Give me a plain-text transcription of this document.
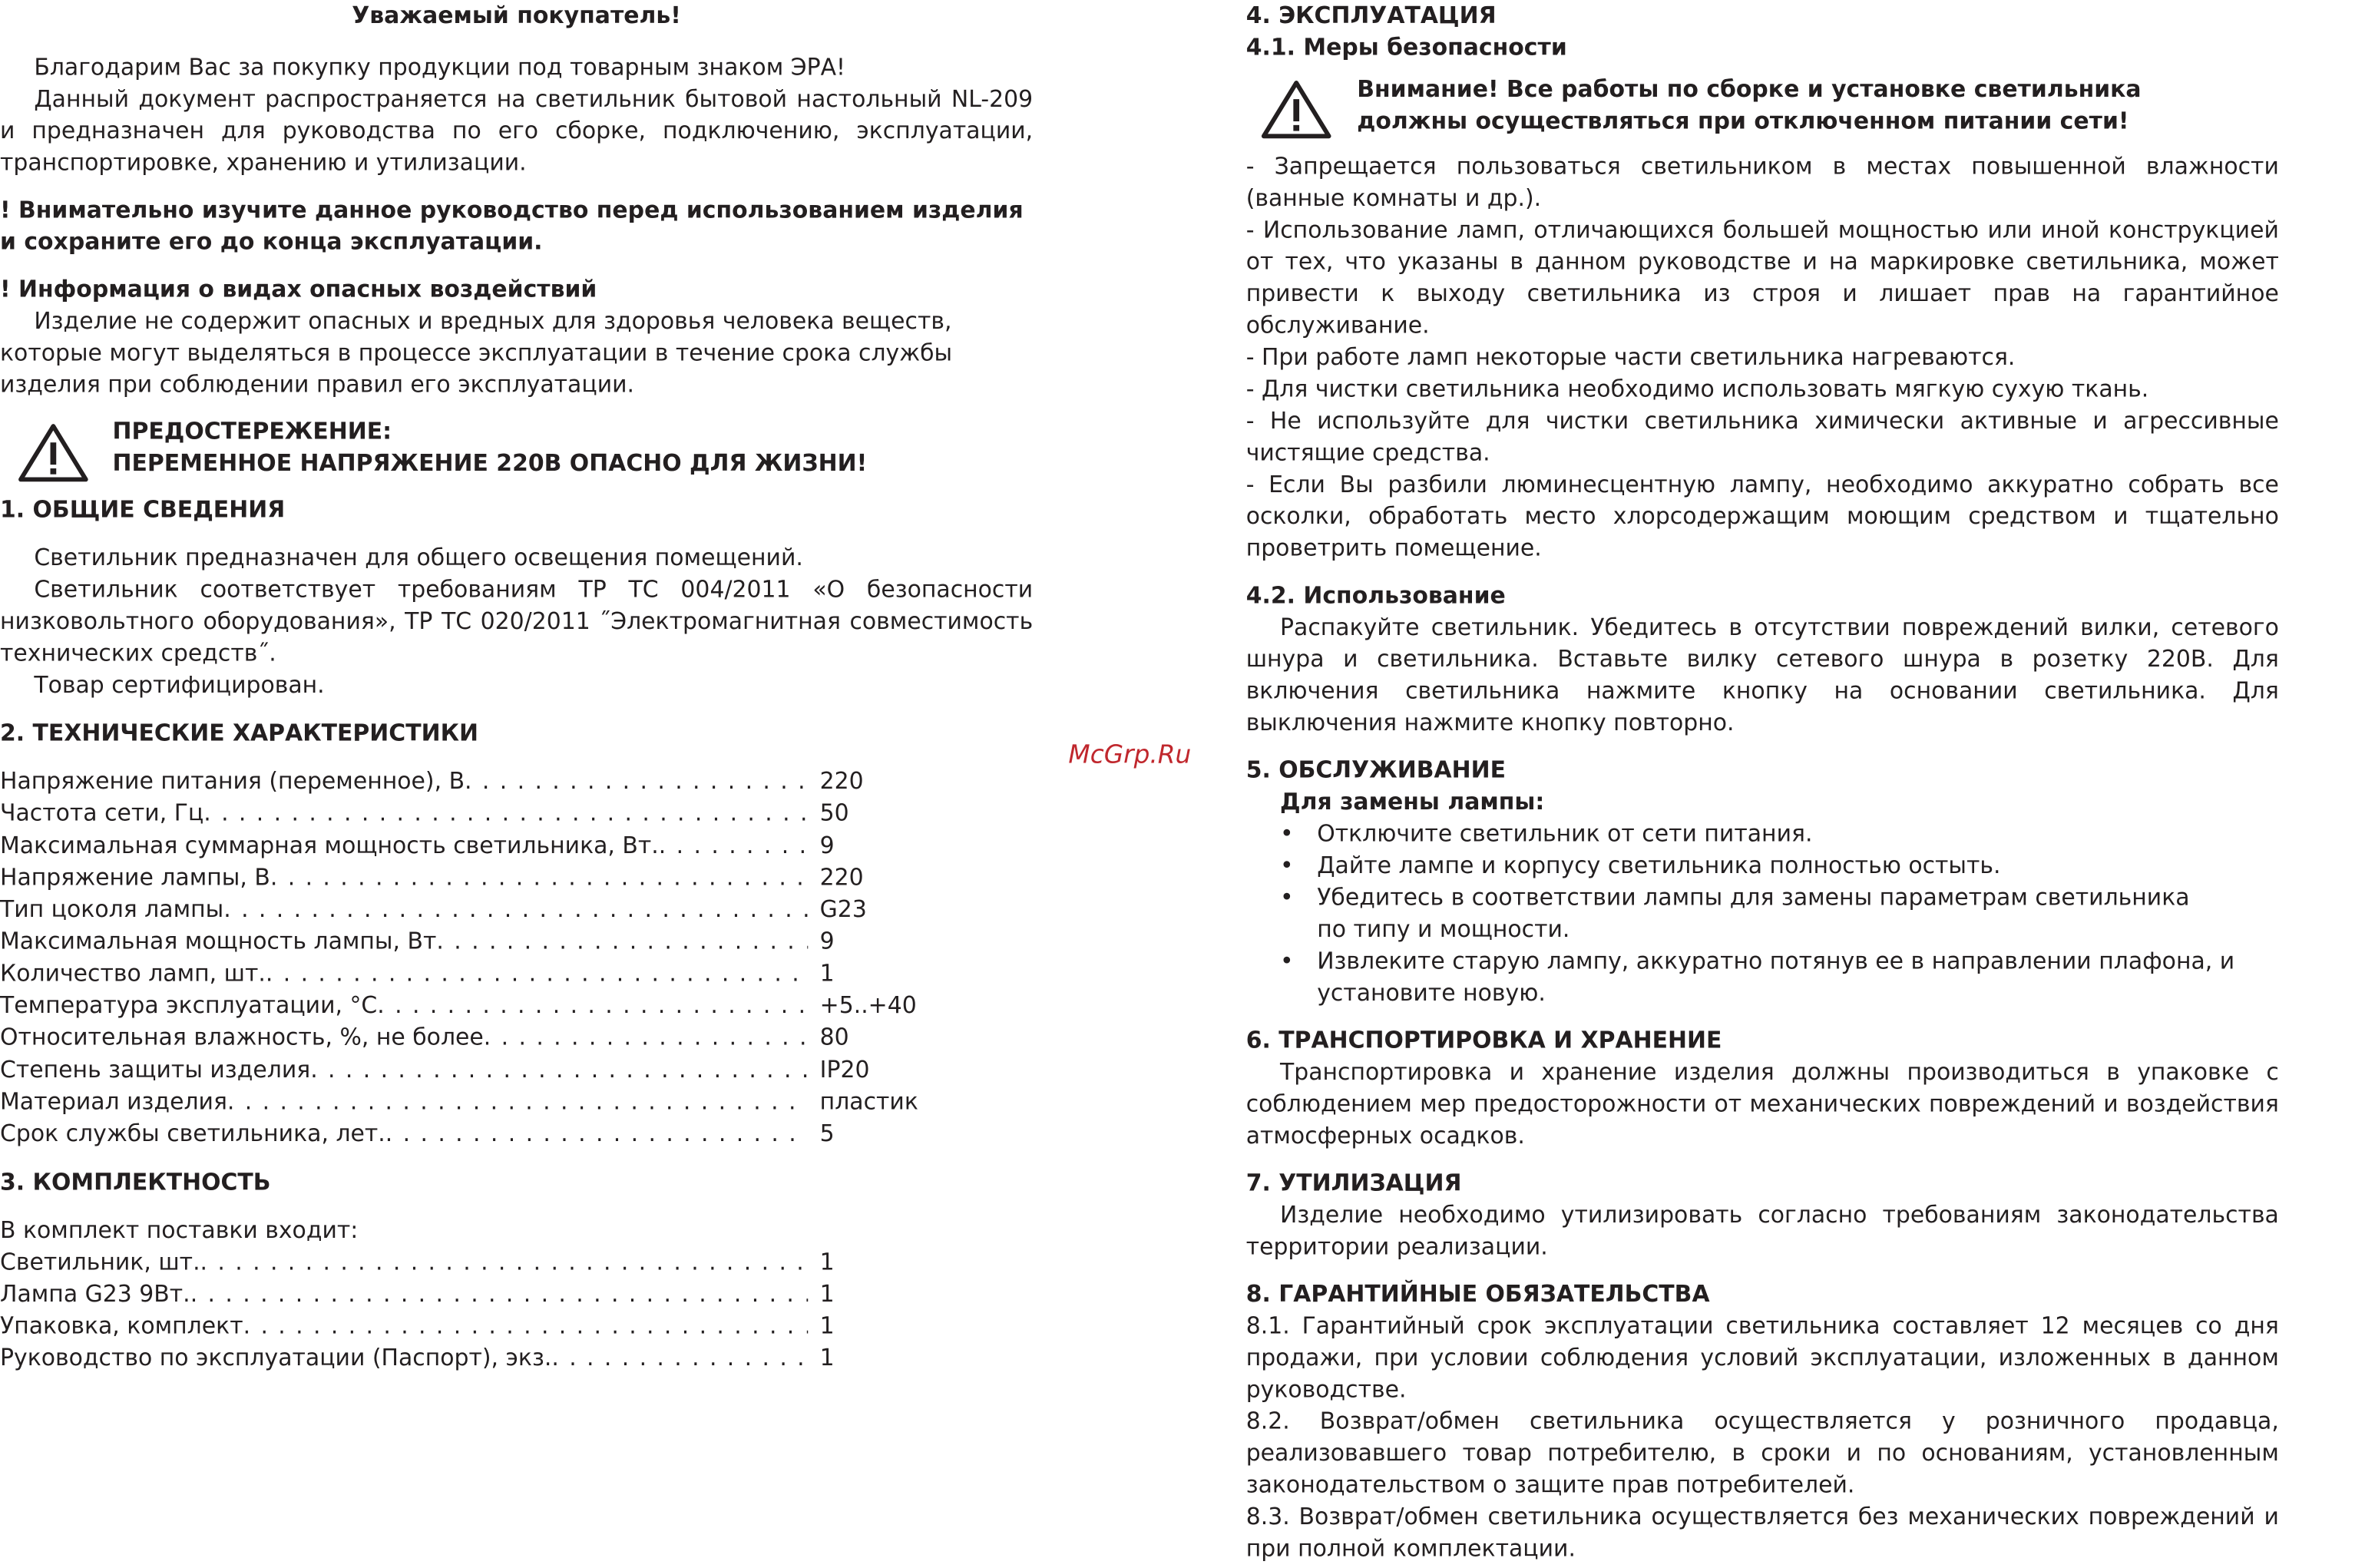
Уважаемый покупатель!

Благодарим Вас за покупку продукции под товарным знаком ЭРА!

Данный документ распространяется на светильник бытовой настольный NL-209 и предназначен для руководства по его сборке, подключению, эксплуатации, транспортировке, хранению и утилизации.

! Внимательно изучите данное руководство перед использованием изделия и сохраните его до конца эксплуатации.

! Информация о видах опасных воздействий

Изделие не содержит опасных и вредных для здоровья человека веществ, которые могут выделяться в процессе эксплуатации в течение срока службы изделия при соблюдении правил его эксплуатации.

ПРЕДОСТЕРЕЖЕНИЕ:

ПЕРЕМЕННОЕ НАПРЯЖЕНИЕ 220В ОПАСНО ДЛЯ ЖИЗНИ!

1. ОБЩИЕ СВЕДЕНИЯ

Светильник предназначен для общего освещения помещений.

Светильник соответствует требованиям ТР ТС 004/2011 «О безопасности низковольтного оборудования», ТР ТС 020/2011 ˝Электромагнитная совместимость технических средств˝.

Товар сертифицирован.

2. ТЕХНИЧЕСКИЕ ХАРАКТЕРИСТИКИ

Напряжение питания (переменное), В . . .	220
Частота сети, Гц . . .	50
Максимальная суммарная мощность светильника, Вт. . . .	9
Напряжение лампы, В . . .	220
Тип цоколя лампы . . .	G23
Максимальная мощность лампы, Вт . . .	9
Количество ламп, шт. . . .	1
Температура эксплуатации, °С . . .	+5..+40
Относительная влажность, %, не более . . .	80
Степень защиты изделия . . .	IP20
Материал изделия . . .	пластик
Срок службы светильника, лет. . . .	5

3. КОМПЛЕКТНОСТЬ

В комплект поставки входит:

Светильник, шт. . . .	1
Лампа G23 9Вт. . . .	1
Упаковка, комплект . . .	1
Руководство по эксплуатации (Паспорт), экз. . . .	1
McGrp.Ru

4. ЭКСПЛУАТАЦИЯ

4.1. Меры безопасности

Внимание! Все работы по сборке и установке светильника должны осуществляться при отключенном питании сети!

- Запрещается пользоваться светильником в местах повышенной влажности (ванные комнаты и др.).

- Использование ламп, отличающихся большей мощностью или иной конструкцией от тех, что указаны в данном руководстве и на маркировке светильника, может привести к выходу светильника из строя и лишает прав на гарантийное обслуживание.

- При работе ламп некоторые части светильника нагреваются.

- Для чистки светильника необходимо использовать мягкую сухую ткань.

- Не используйте для чистки светильника химически активные и агрессивные чистящие средства.

- Если Вы разбили люминесцентную лампу, необходимо аккуратно собрать все осколки, обработать место хлорсодержащим моющим средством и тщательно проветрить помещение.

4.2. Использование

Распакуйте светильник. Убедитесь в отсутствии повреждений вилки, сетевого шнура и светильника. Вставьте вилку сетевого шнура в розетку 220В. Для включения светильника нажмите кнопку на основании светильника. Для выключения нажмите кнопку повторно.

5. ОБСЛУЖИВАНИЕ

Для замены лампы:

• Отключите светильник от сети питания.
• Дайте лампе и корпусу светильника полностью остыть.
• Убедитесь в соответствии лампы для замены параметрам светильника по типу и мощности.
• Извлеките старую лампу, аккуратно потянув ее в направлении плафона, и установите новую.

6. ТРАНСПОРТИРОВКА И ХРАНЕНИЕ

Транспортировка и хранение изделия должны производиться в упаковке с соблюдением мер предосторожности от механических повреждений и воздействия атмосферных осадков.

7. УТИЛИЗАЦИЯ

Изделие необходимо утилизировать согласно требованиям законодательства территории реализации.

8. ГАРАНТИЙНЫЕ ОБЯЗАТЕЛЬСТВА

8.1. Гарантийный срок эксплуатации светильника составляет 12 месяцев со дня продажи, при условии соблюдения условий эксплуатации, изложенных в данном руководстве.

8.2. Возврат/обмен светильника осуществляется у розничного продавца, реализовавшего товар потребителю, в сроки и по основаниям, установленным законодательством о защите прав потребителей.

8.3. Возврат/обмен светильника осуществляется без механических повреждений и при полной комплектации.
